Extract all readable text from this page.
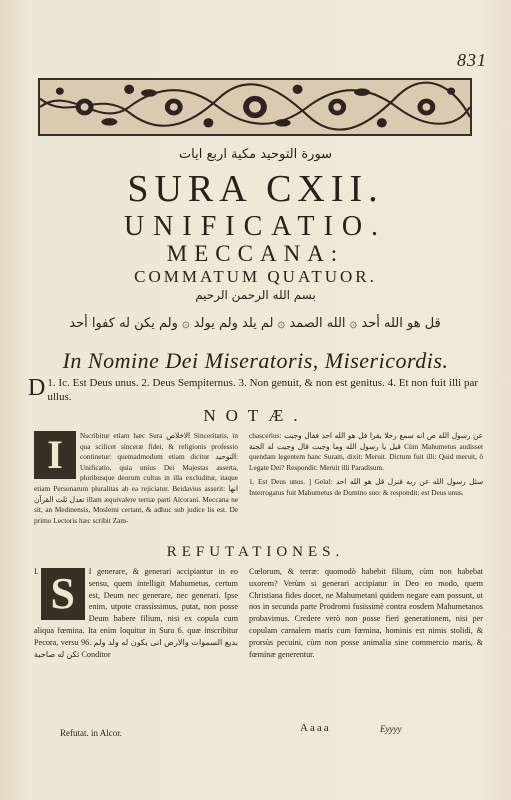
831
سورة التوحيد مكية اربع ايات
SURA CXII.
UNIFICATIO.
MECCANA:
COMMATUM QUATUOR.
بسم الله الرحمن الرحيم
قل هو الله أحد ۞ الله الصمد ۞ لم يلد ولم يولد ۞ ولم يكن له كفوا أحد
In Nomine Dei Miseratoris, Misericordis.
1.
D Ic. Est Deus unus. 2. Deus Sempiternus. 3. Non genuit, & non est genitus. 4. Et non fuit illi par ullus.
NOTÆ.
I	Nscribitur etiam hæc Sura الاخلاص Sinceritatis, in qua scilicet sinceræ fidei, & religionis professio continetur: quemadmodum etiam dicitur التوحيد: Unificatio, quia unius Dei Majestas asserta, pluribusque deorum cultus in illa excluditur, itaque etiam Personarum pluralitas ab ea rejiciatur. Beidavius asserit: انها تعدل ثلث القرآن illam æquivalere tertiæ parti Alcorani. Meccana ne sit, an Medinensis, Moslemi certant, & adhuc sub judice lis est. De primo Lectoris hæc scribit Zam-
chascerius: عن رسول الله ص انه سمع رجلا يقرا قل هو الله احد فقال وجبت قيل يا رسول الله وما وجبت قال وجبت له الجنة Cùm Mahumetus audisset quendam legentem hanc Suram, dixit: Meruit. Dictum fuit illi: Quid meruit, ô Legate Dei? Respondit: Meruit illi Paradisum.
1. Est Deus unus. ] Gelal: سئل رسول الله عن ربه فنزل قل هو الله احد Interrogatus fuit Mahumetus de Domino suo: & respondit: est Deus unus.
REFUTATIONES.
I. S	I generare, & generari accipiantur in eo sensu, quem intelligit Mahumetus, certum est, Deum nec generare, nec generari. Ipse enim, utpote crassissimus, putat, non posse Deum habere filium, nisi ex copula cum aliqua fœmina. Ita enim loquitur in Sura 6. quæ inscribitur Pecora, versu 96. بديع السموات والارض انى يكون له ولد ولم تكن له صاحبة Conditor
Cœlorum, & terræ: quomodò habebit filium, cùm non habebat uxorem? Verùm si generari accipiatur in Deo eo modo, quem Christiana fides docet, ne Mahumetani quidem negare eam possunt, ut nos in secunda parte Prodromi fusissimè contra eosdem Mahumetanos probavimus. Credere verò non posse fieri generationem, nisi per copulam carnalem maris cum fœmina, hominis est nimis stolidi, & prorsùs pecuini, cùm non posse animalia sine commercio maris, & fœminæ generentur.
Refutat. in Alcor.	Aaaa	Eyyyy
